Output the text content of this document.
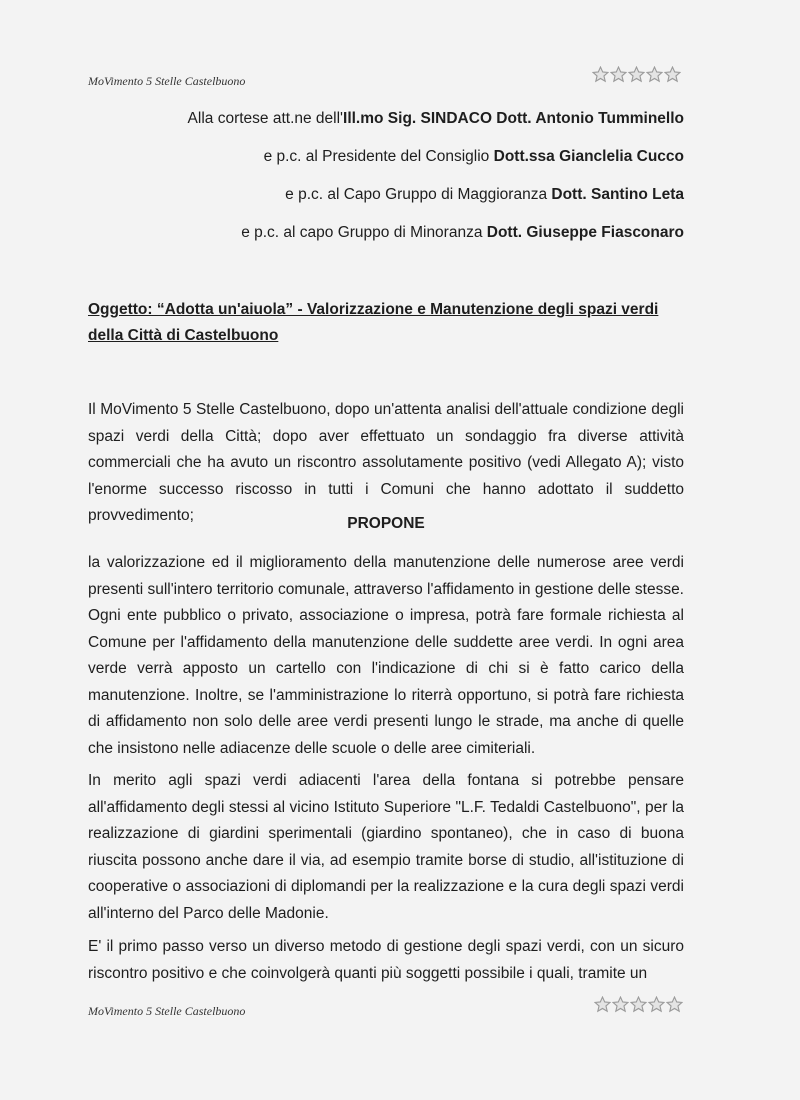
MoVimento 5 Stelle Castelbuono
Alla cortese att.ne dell'Ill.mo Sig. SINDACO Dott. Antonio Tumminello
e p.c. al Presidente del Consiglio Dott.ssa Gianclelia Cucco
e p.c. al Capo Gruppo di Maggioranza Dott. Santino Leta
e p.c. al capo Gruppo di Minoranza Dott. Giuseppe Fiasconaro
Oggetto: “Adotta un'aiuola” - Valorizzazione e Manutenzione degli spazi verdi della Città di Castelbuono
Il MoVimento 5 Stelle Castelbuono, dopo un'attenta analisi dell'attuale condizione degli spazi verdi della Città; dopo aver effettuato un sondaggio fra diverse attività commerciali che ha avuto un riscontro assolutamente positivo (vedi Allegato A); visto l'enorme successo riscosso in tutti i Comuni che hanno adottato il suddetto provvedimento;	PROPONE
la valorizzazione ed il miglioramento della manutenzione delle numerose aree verdi presenti sull'intero territorio comunale, attraverso l'affidamento in gestione delle stesse. Ogni ente pubblico o privato, associazione o impresa, potrà fare formale richiesta al Comune per l'affidamento della manutenzione delle suddette aree verdi. In ogni area verde verrà apposto un cartello con l'indicazione di chi si è fatto carico della manutenzione. Inoltre, se l'amministrazione lo riterrà opportuno, si potrà fare richiesta di affidamento non solo delle aree verdi presenti lungo le strade, ma anche di quelle che insistono nelle adiacenze delle scuole o delle aree cimiteriali.
In merito agli spazi verdi adiacenti l'area della fontana si potrebbe pensare all'affidamento degli stessi al vicino Istituto Superiore "L.F. Tedaldi Castelbuono", per la realizzazione di giardini sperimentali (giardino spontaneo), che in caso di buona riuscita possono anche dare il via, ad esempio tramite borse di studio, all'istituzione di cooperative o associazioni di diplomandi per la realizzazione e la cura degli spazi verdi all'interno del Parco delle Madonie.
E' il primo passo verso un diverso metodo di gestione degli spazi verdi, con un sicuro riscontro positivo e che coinvolgerà quanti più soggetti possibile i quali, tramite un
MoVimento 5 Stelle Castelbuono
